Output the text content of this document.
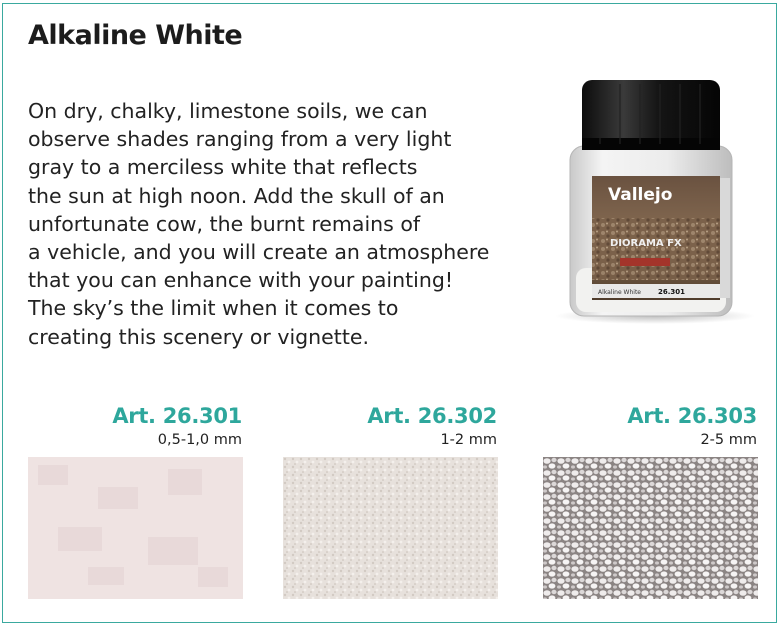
Alkaline White

On dry, chalky, limestone soils, we can
observe shades ranging from a very light
gray to a merciless white that reflects
the sun at high noon. Add the skull of an
unfortunate cow, the burnt remains of
a vehicle, and you will create an atmosphere
that you can enhance with your painting!
The sky’s the limit when it comes to
creating this scenery or vignette.

Vallejo
DIORAMA FX
Alkaline White 26.301
Art. 26.301
0,5-1,0 mm
Art. 26.302
1-2 mm
Art. 26.303
2-5 mm
